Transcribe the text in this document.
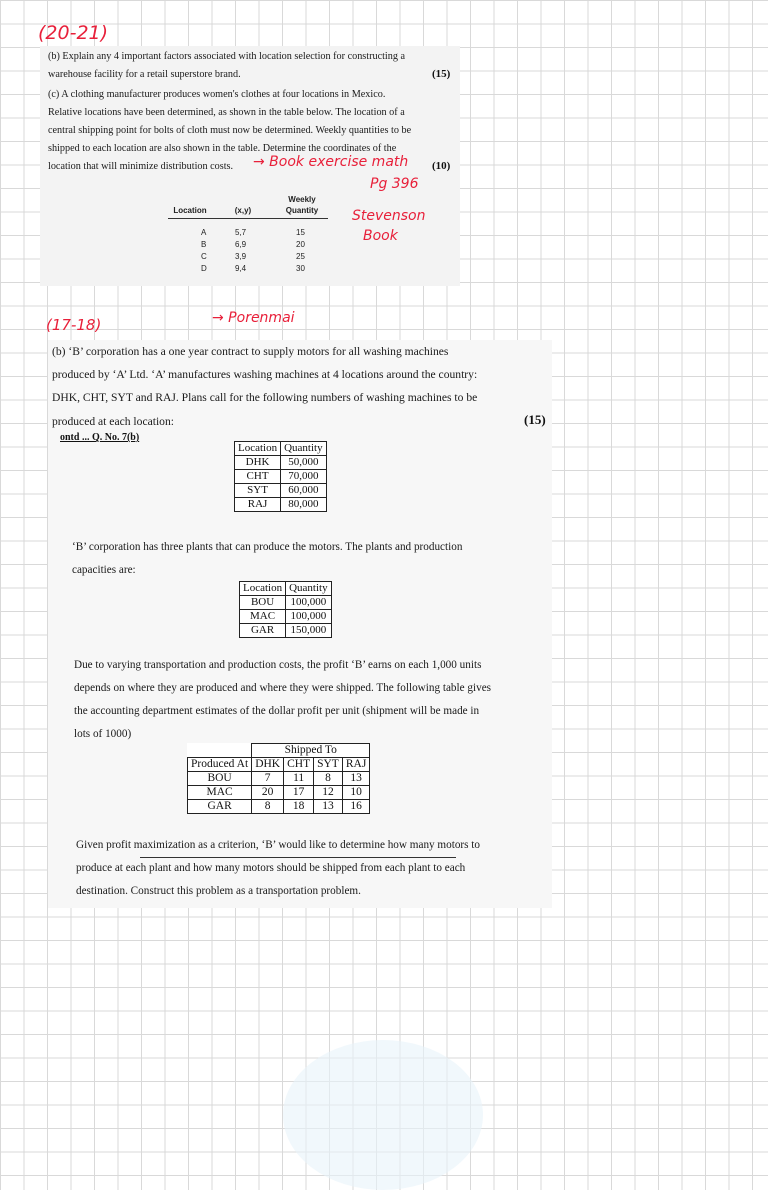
(20-21)

(b) Explain any 4 important factors associated with location selection for constructing a

warehouse facility for a retail superstore brand.	(15)

(c) A clothing manufacturer produces women's clothes at four locations in Mexico.

Relative locations have been determined, as shown in the table below. The location of a

central shipping point for bolts of cloth must now be determined. Weekly quantities to be

shipped to each location are also shown in the table. Determine the coordinates of the

location that will minimize distribution costs.	(10)
Location	(x,y)
Weekly
Quantity
A	5,7	15
B	6,9	20
C	3,9	25
D	9,4	30
→ Book exercise math
Pg 396
Stevenson
Book
(17-18)	→ Porenmai

(b) ‘B’ corporation has a one year contract to supply motors for all washing machines

produced by ‘A’ Ltd. ‘A’ manufactures washing machines at 4 locations around the country:

DHK, CHT, SYT and RAJ. Plans call for the following numbers of washing machines to be

produced at each location:	(15)
ontd ... Q. No. 7(b)
Location	Quantity
DHK	50,000
CHT	70,000
SYT	60,000
RAJ	80,000

‘B’ corporation has three plants that can produce the motors. The plants and production

capacities are:

Location	Quantity
BOU	100,000
MAC	100,000
GAR	150,000

Due to varying transportation and production costs, the profit ‘B’ earns on each 1,000 units

depends on where they are produced and where they were shipped. The following table gives

the accounting department estimates of the dollar profit per unit (shipment will be made in

lots of 1000)

	Shipped To			
Produced At	DHK	CHT	SYT	RAJ
BOU	7	11	8	13
MAC	20	17	12	10
GAR	8	18	13	16

Given profit maximization as a criterion, ‘B’ would like to determine how many motors to

produce at each plant and how many motors should be shipped from each plant to each

destination. Construct this problem as a transportation problem.
